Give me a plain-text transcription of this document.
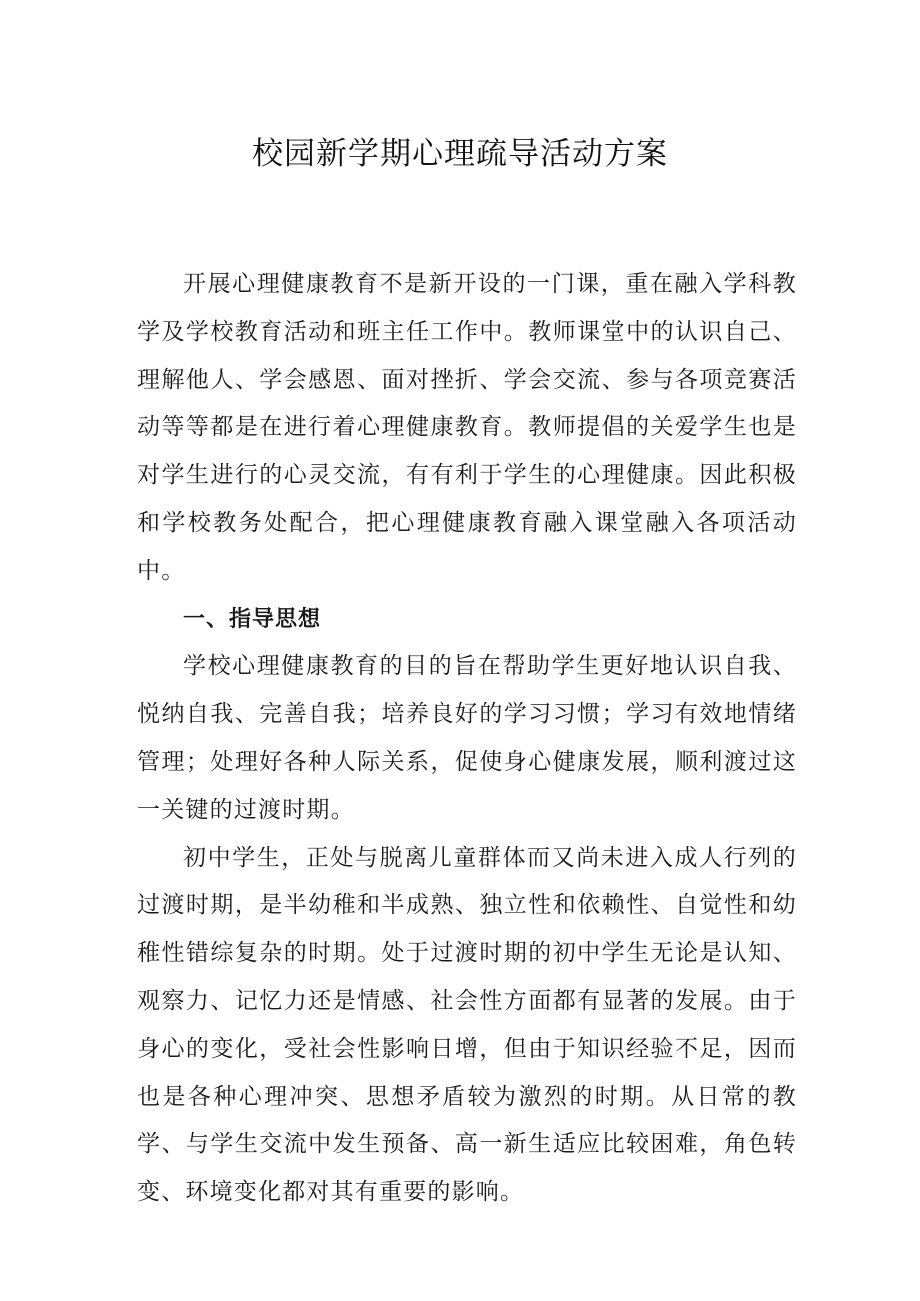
校园新学期心理疏导活动方案

开展心理健康教育不是新开设的一门课，重在融入学科教学及学校教育活动和班主任工作中。教师课堂中的认识自己、理解他人、学会感恩、面对挫折、学会交流、参与各项竞赛活动等等都是在进行着心理健康教育。教师提倡的关爱学生也是对学生进行的心灵交流，有有利于学生的心理健康。因此积极和学校教务处配合，把心理健康教育融入课堂融入各项活动中。

一、指导思想

学校心理健康教育的目的旨在帮助学生更好地认识自我、悦纳自我、完善自我；培养良好的学习习惯；学习有效地情绪管理；处理好各种人际关系，促使身心健康发展，顺利渡过这一关键的过渡时期。

初中学生，正处与脱离儿童群体而又尚未进入成人行列的过渡时期，是半幼稚和半成熟、独立性和依赖性、自觉性和幼稚性错综复杂的时期。处于过渡时期的初中学生无论是认知、观察力、记忆力还是情感、社会性方面都有显著的发展。由于身心的变化，受社会性影响日增，但由于知识经验不足，因而也是各种心理冲突、思想矛盾较为激烈的时期。从日常的教学、与学生交流中发生预备、高一新生适应比较困难，角色转变、环境变化都对其有重要的影响。
